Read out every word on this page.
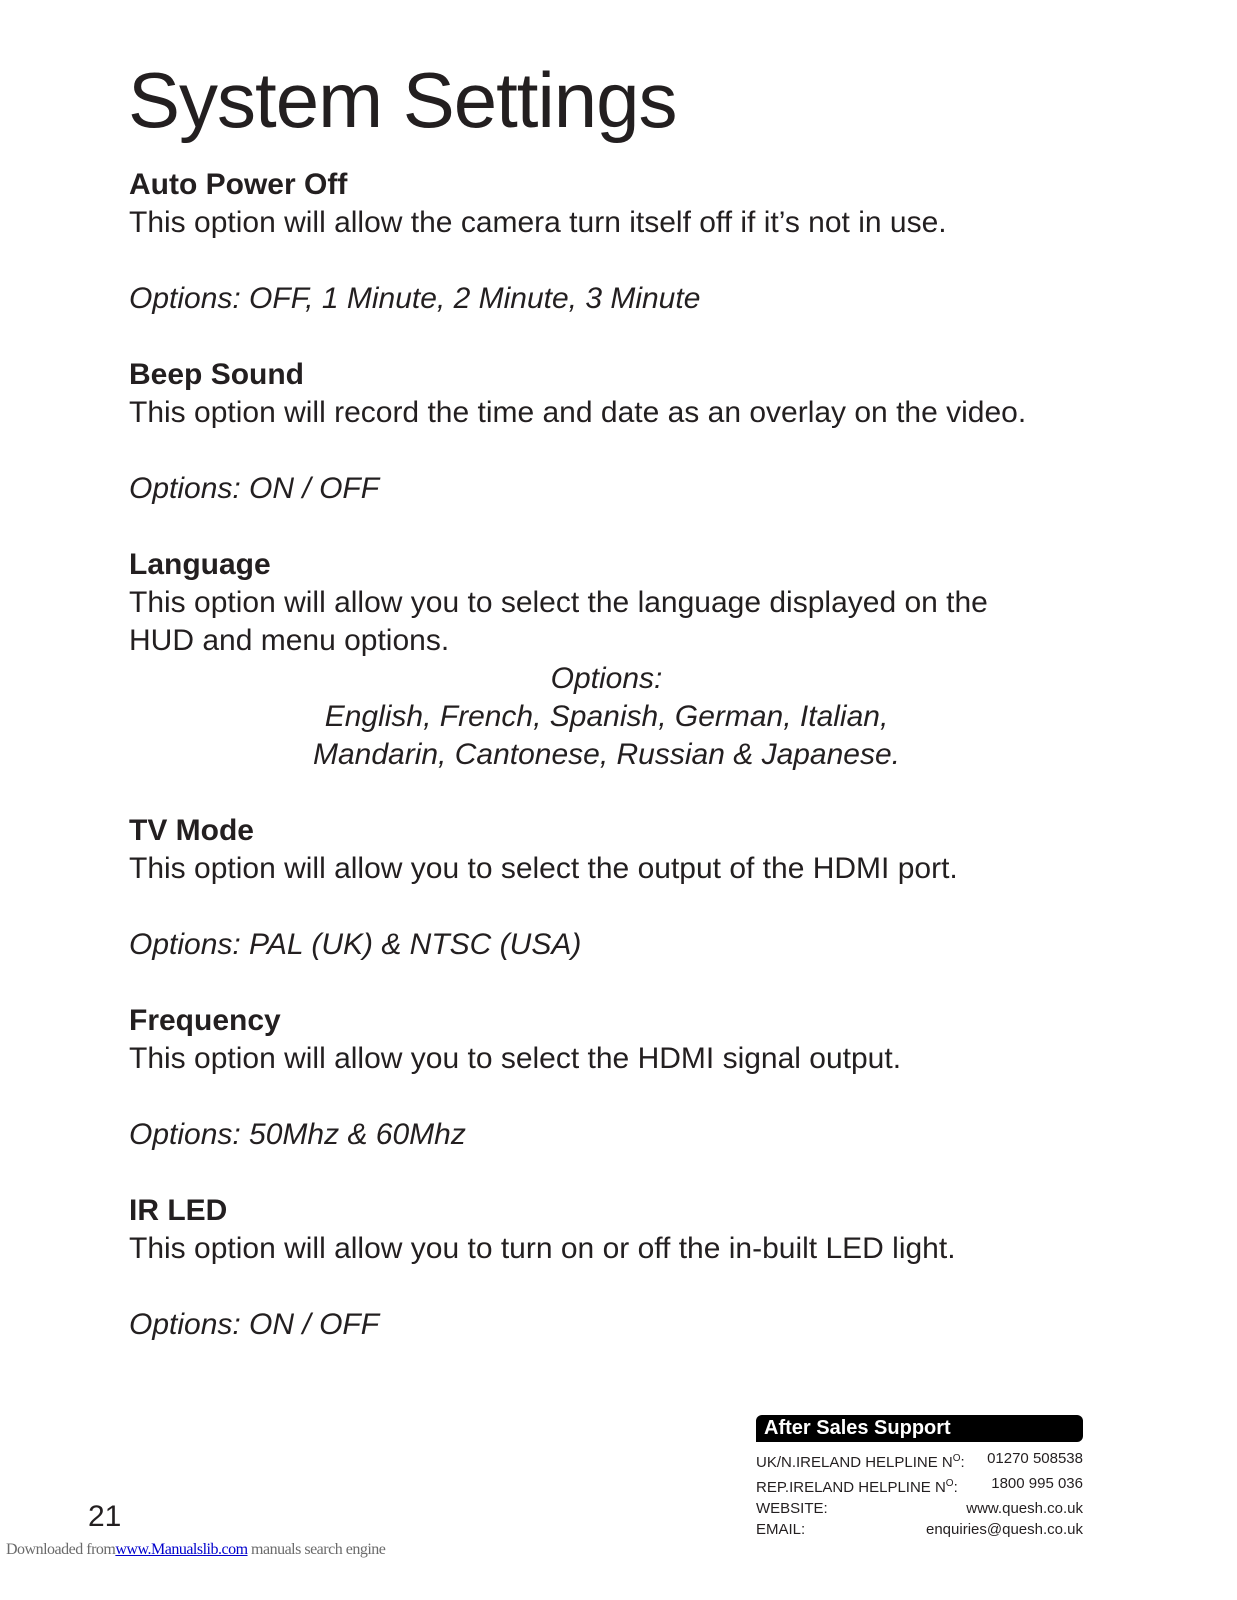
System Settings

Auto Power Off

This option will allow the camera turn itself off if it’s not in use.

Options: OFF, 1 Minute, 2 Minute, 3 Minute

Beep Sound

This option will record the time and date as an overlay on the video.

Options: ON / OFF

Language

This option will allow you to select the language displayed on the

HUD and menu options.

Options:

English, French, Spanish, German, Italian,

Mandarin, Cantonese, Russian & Japanese.

TV Mode

This option will allow you to select the output of the HDMI port.

Options: PAL (UK) & NTSC (USA)

Frequency

This option will allow you to select the HDMI signal output.

Options: 50Mhz & 60Mhz

IR LED

This option will allow you to turn on or off the in-built LED light.

Options: ON / OFF

21
After Sales Support
UK/N.IRELAND HELPLINE $N^O$: 01270 508538
REP.IRELAND HELPLINE $N^O$: 1800 995 036
WEBSITE:	www.quesh.co.uk
EMAIL:	enquiries@quesh.co.uk
Downloaded fromwww.Manualslib.com manuals search engine
